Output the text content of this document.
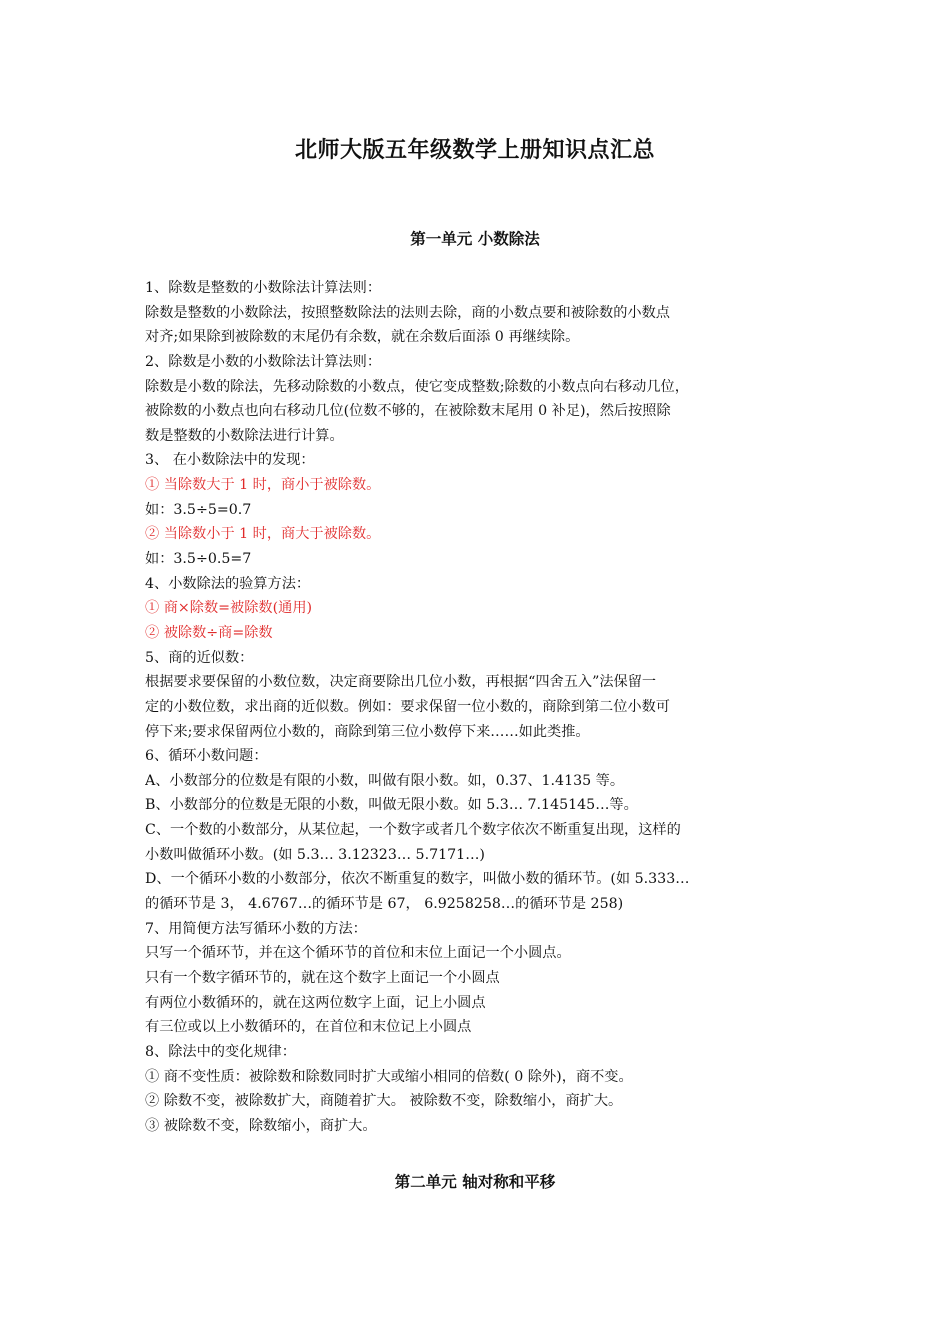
北师大版五年级数学上册知识点汇总
第一单元 小数除法
1、除数是整数的小数除法计算法则：
除数是整数的小数除法，按照整数除法的法则去除，商的小数点要和被除数的小数点
对齐;如果除到被除数的末尾仍有余数，就在余数后面添 0 再继续除。
2、除数是小数的小数除法计算法则：
除数是小数的除法，先移动除数的小数点，使它变成整数;除数的小数点向右移动几位，
被除数的小数点也向右移动几位(位数不够的，在被除数末尾用 0 补足)，然后按照除
数是整数的小数除法进行计算。
3、 在小数除法中的发现：
① 当除数大于 1 时，商小于被除数。
如：3.5÷5=0.7
② 当除数小于 1 时，商大于被除数。
如：3.5÷0.5=7
4、小数除法的验算方法：
① 商×除数=被除数(通用)
② 被除数÷商=除数
5、商的近似数：
根据要求要保留的小数位数，决定商要除出几位小数，再根据“四舍五入”法保留一
定的小数位数，求出商的近似数。例如：要求保留一位小数的，商除到第二位小数可
停下来;要求保留两位小数的，商除到第三位小数停下来……如此类推。
6、循环小数问题：
A、小数部分的位数是有限的小数，叫做有限小数。如，0.37、1.4135 等。
B、小数部分的位数是无限的小数，叫做无限小数。如 5.3… 7.145145…等。
C、一个数的小数部分，从某位起，一个数字或者几个数字依次不断重复出现，这样的
小数叫做循环小数。(如 5.3… 3.12323… 5.7171…)
D、一个循环小数的小数部分，依次不断重复的数字，叫做小数的循环节。(如 5.333…
的循环节是 3， 4.6767…的循环节是 67， 6.9258258…的循环节是 258)
7、用简便方法写循环小数的方法：
只写一个循环节，并在这个循环节的首位和末位上面记一个小圆点。
只有一个数字循环节的，就在这个数字上面记一个小圆点
有两位小数循环的，就在这两位数字上面，记上小圆点
有三位或以上小数循环的，在首位和末位记上小圆点
8、除法中的变化规律：
① 商不变性质：被除数和除数同时扩大或缩小相同的倍数( 0 除外)，商不变。
② 除数不变，被除数扩大，商随着扩大。 被除数不变，除数缩小，商扩大。
③ 被除数不变，除数缩小，商扩大。
第二单元 轴对称和平移
